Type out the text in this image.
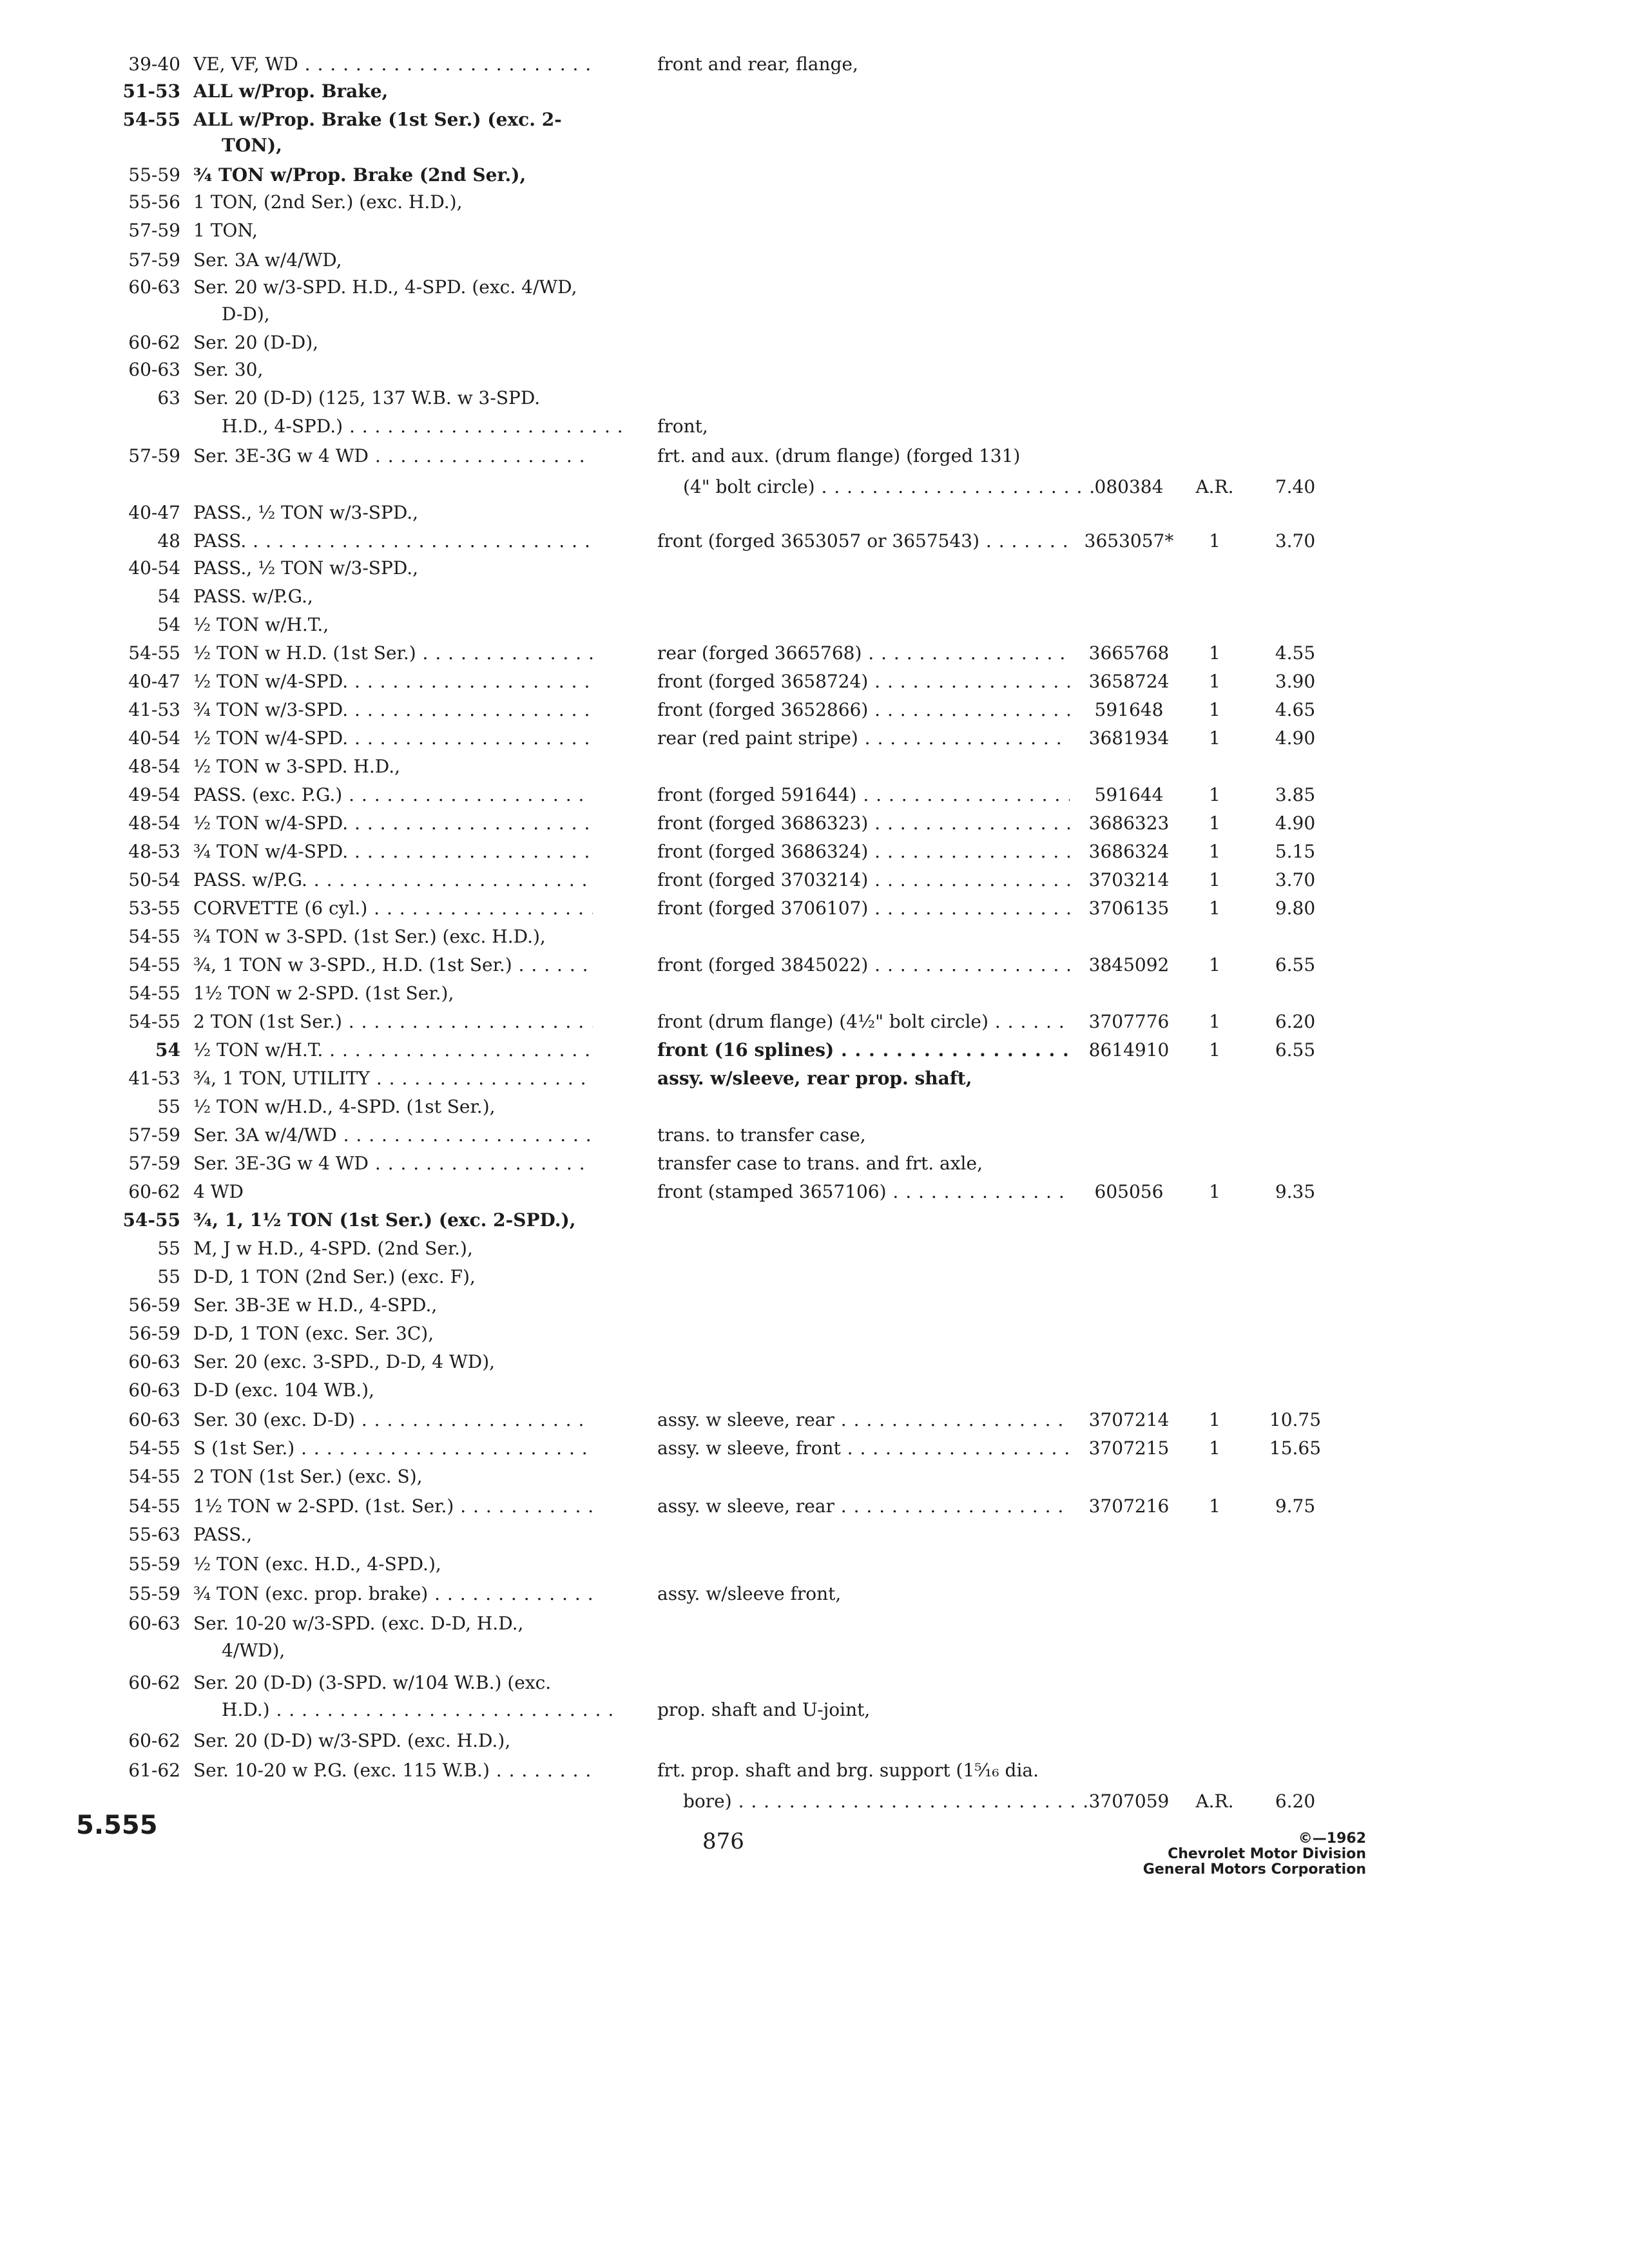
39-40 VE, VF, WD . . .	front and rear, flange,
51-53 ALL w/Prop. Brake,
54-55 ALL w/Prop. Brake (1st Ser.) (exc. 2-
TON),
55-59 ¾ TON w/Prop. Brake (2nd Ser.),
55-56 1 TON, (2nd Ser.) (exc. H.D.),
57-59 1 TON,
57-59 Ser. 3A w/4/WD,
60-63 Ser. 20 w/3-SPD. H.D., 4-SPD. (exc. 4/WD,
D-D),
60-62 Ser. 20 (D-D),
60-63 Ser. 30,
63 Ser. 20 (D-D) (125, 137 W.B. w 3-SPD.
H.D., 4-SPD.) . . .	front,
57-59 Ser. 3E-3G w 4 WD . . .	frt. and aux. (drum flange) (forged 131)
(4" bolt circle) . . .	080384	A.R.	7.40
40-47 PASS., ½ TON w/3-SPD.,
48 PASS. . . .	front (forged 3653057 or 3657543) . . .	3653057*	1	3.70
40-54 PASS., ½ TON w/3-SPD.,
54 PASS. w/P.G.,
54 ½ TON w/H.T.,
54-55 ½ TON w H.D. (1st Ser.) . . .	rear (forged 3665768) . . .	3665768	1	4.55
40-47 ½ TON w/4-SPD. . . .	front (forged 3658724) . . .	3658724	1	3.90
41-53 ¾ TON w/3-SPD. . . .	front (forged 3652866) . . .	591648	1	4.65
40-54 ½ TON w/4-SPD. . . .	rear (red paint stripe) . . .	3681934	1	4.90
48-54 ½ TON w 3-SPD. H.D.,
49-54 PASS. (exc. P.G.) . . .	front (forged 591644) . . .	591644	1	3.85
48-54 ½ TON w/4-SPD. . . .	front (forged 3686323) . . .	3686323	1	4.90
48-53 ¾ TON w/4-SPD. . . .	front (forged 3686324) . . .	3686324	1	5.15
50-54 PASS. w/P.G. . . .	front (forged 3703214) . . .	3703214	1	3.70
53-55 CORVETTE (6 cyl.) . . .	front (forged 3706107) . . .	3706135	1	9.80
54-55 ¾ TON w 3-SPD. (1st Ser.) (exc. H.D.),
54-55 ¾, 1 TON w 3-SPD., H.D. (1st Ser.) . . .	front (forged 3845022) . . .	3845092	1	6.55
54-55 1½ TON w 2-SPD. (1st Ser.),
54-55 2 TON (1st Ser.) . . .	front (drum flange) (4½" bolt circle) . . .	3707776	1	6.20
54 ½ TON w/H.T. . . .	front (16 splines) . . .	8614910	1	6.55
41-53 ¾, 1 TON, UTILITY . . .	assy. w/sleeve, rear prop. shaft,
55 ½ TON w/H.D., 4-SPD. (1st Ser.),
57-59 Ser. 3A w/4/WD . . .	trans. to transfer case,
57-59 Ser. 3E-3G w 4 WD . . .	transfer case to trans. and frt. axle,
60-62 4 WD	front (stamped 3657106) . . .	605056	1	9.35
54-55 ¾, 1, 1½ TON (1st Ser.) (exc. 2-SPD.),
55 M, J w H.D., 4-SPD. (2nd Ser.),
55 D-D, 1 TON (2nd Ser.) (exc. F),
56-59 Ser. 3B-3E w H.D., 4-SPD.,
56-59 D-D, 1 TON (exc. Ser. 3C),
60-63 Ser. 20 (exc. 3-SPD., D-D, 4 WD),
60-63 D-D (exc. 104 WB.),
60-63 Ser. 30 (exc. D-D) . . .	assy. w sleeve, rear . . .	3707214	1	10.75
54-55 S (1st Ser.) . . .	assy. w sleeve, front . . .	3707215	1	15.65
54-55 2 TON (1st Ser.) (exc. S),
54-55 1½ TON w 2-SPD. (1st. Ser.) . . .	assy. w sleeve, rear . . .	3707216	1	9.75
55-63 PASS.,
55-59 ½ TON (exc. H.D., 4-SPD.),
55-59 ¾ TON (exc. prop. brake) . . .	assy. w/sleeve front,
60-63 Ser. 10-20 w/3-SPD. (exc. D-D, H.D.,
4/WD),
60-62 Ser. 20 (D-D) (3-SPD. w/104 W.B.) (exc.
H.D.) . . .	prop. shaft and U-joint,
60-62 Ser. 20 (D-D) w/3-SPD. (exc. H.D.),
61-62 Ser. 10-20 w P.G. (exc. 115 W.B.) . . .	frt. prop. shaft and brg. support (1⁵⁄₁₆ dia.
bore) . . .	3707059	A.R.	6.20
5.555
876	©—1962
Chevrolet Motor Division
General Motors Corporation
